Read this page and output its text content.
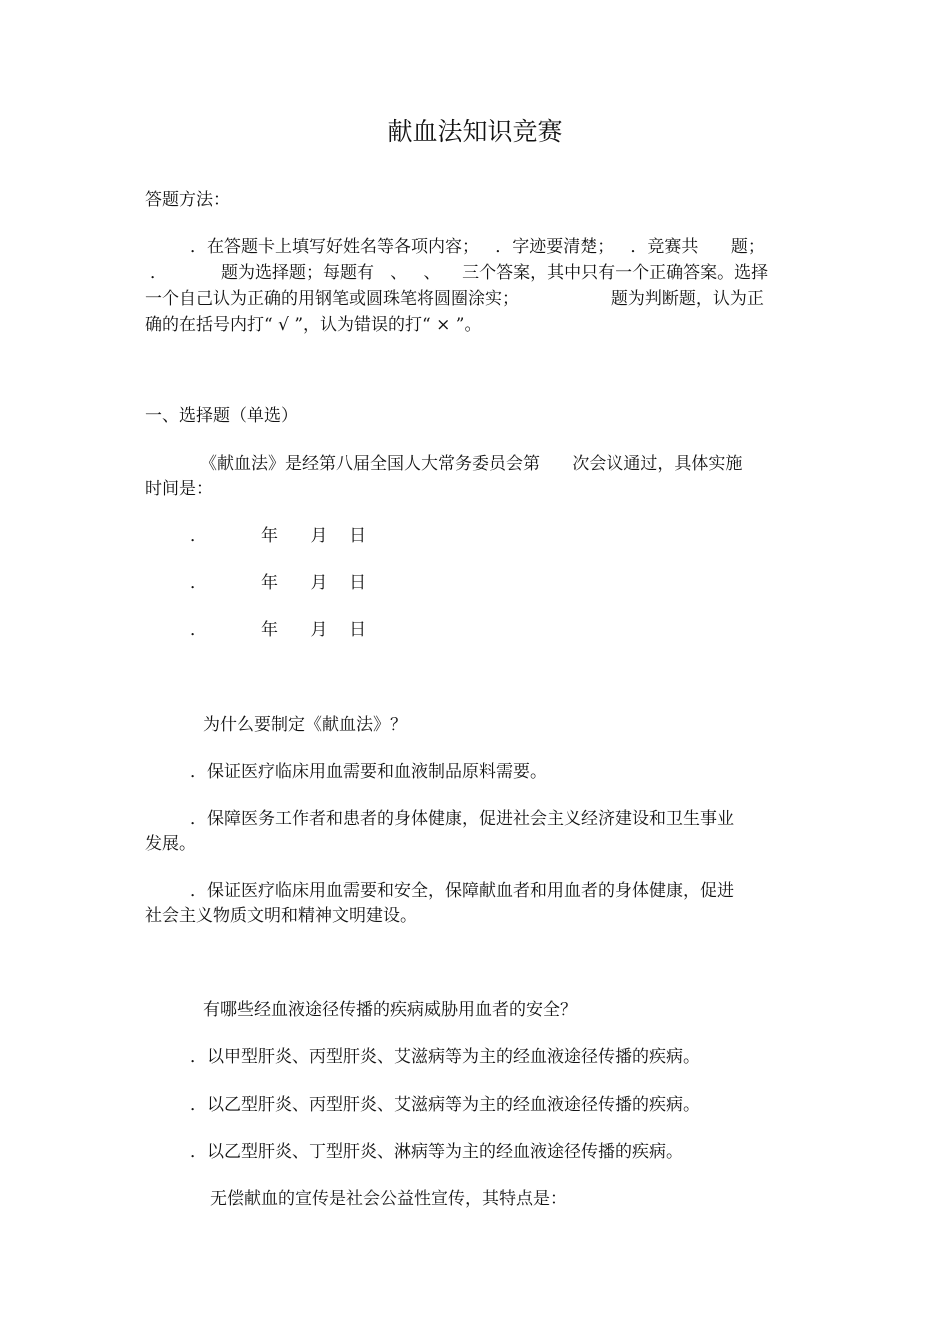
献血法知识竞赛
答题方法：
．在答题卡上填写好姓名等各项内容；   ．字迹要清楚；   ．竞赛共      题；
．          题为选择题；每题有   、   、    三个答案，其中只有一个正确答案。选择
一个自己认为正确的用钢笔或圆珠笔将圆圈涂实；                 题为判断题，认为正
确的在括号内打“ √ ”，认为错误的打“ × ”。
一、选择题（单选）
《献血法》是经第八届全国人大常务委员会第      次会议通过，具体实施
时间是：
．          年      月    日
．          年      月    日
．          年      月    日
为什么要制定《献血法》？
．保证医疗临床用血需要和血液制品原料需要。
．保障医务工作者和患者的身体健康，促进社会主义经济建设和卫生事业
发展。
．保证医疗临床用血需要和安全，保障献血者和用血者的身体健康，促进
社会主义物质文明和精神文明建设。
有哪些经血液途径传播的疾病威胁用血者的安全？
．以甲型肝炎、丙型肝炎、艾滋病等为主的经血液途径传播的疾病。
．以乙型肝炎、丙型肝炎、艾滋病等为主的经血液途径传播的疾病。
．以乙型肝炎、丁型肝炎、淋病等为主的经血液途径传播的疾病。
无偿献血的宣传是社会公益性宣传，其特点是：
